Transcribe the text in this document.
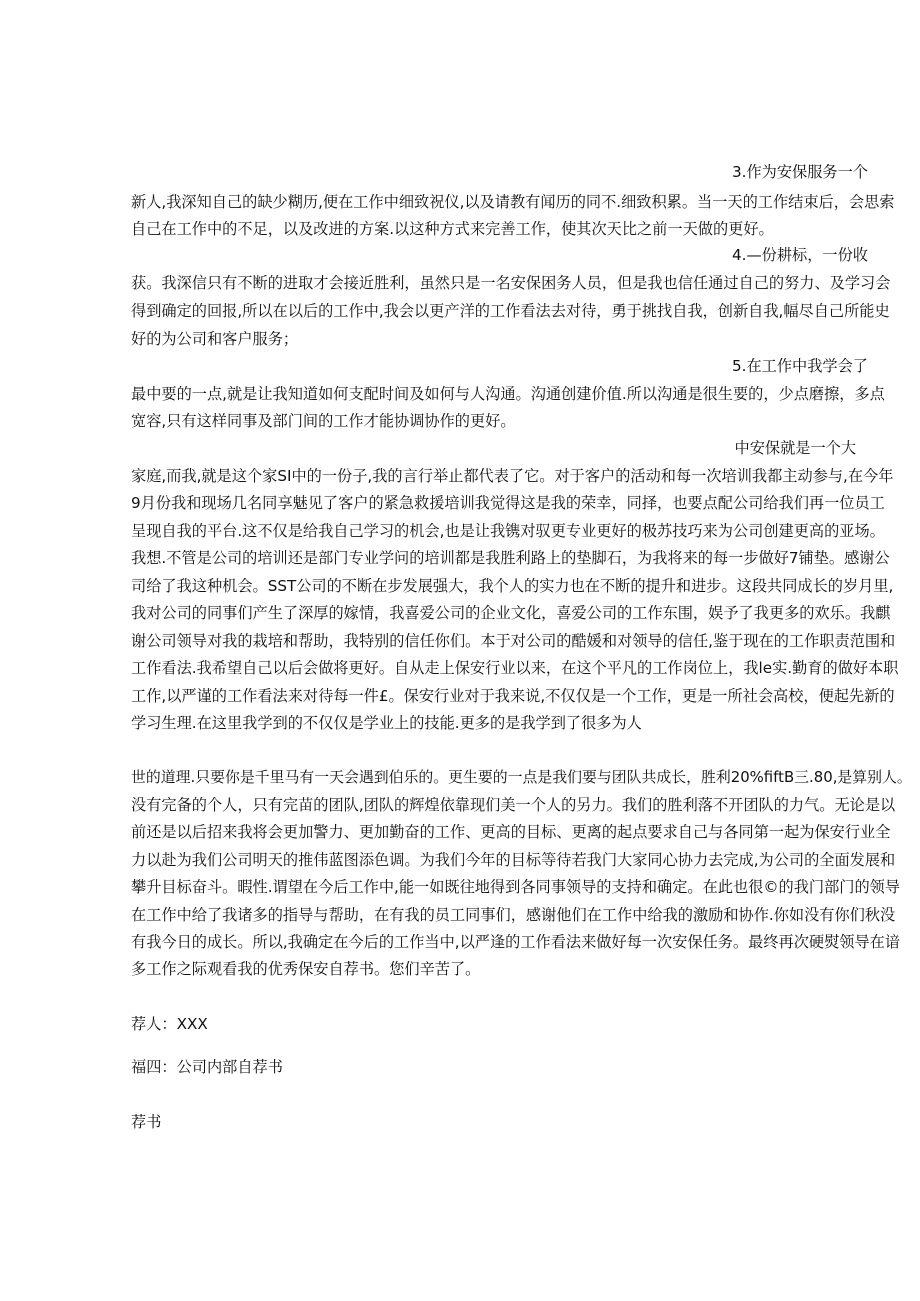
3.作为安保服务一个
新人,我深知自己的缺少糊历,便在工作中细致祝仪,以及请教有闻历的同不.细致积累。当一天的工作结束后，会思索
自己在工作中的不足，以及改进的方案.以这种方式来完善工作，使其次天比之前一天做的更好。
4.—份耕标，一份收
获。我深信只有不断的进取才会接近胜利，虽然只是一名安保困务人员，但是我也信任通过自己的努力、及学习会
得到确定的回报,所以在以后的工作中,我会以更产洋的工作看法去对待，勇于挑找自我，创新自我,幅尽自己所能史
好的为公司和客户服务；
5.在工作中我学会了
最中要的一点,就是让我知道如何支配时间及如何与人沟通。沟通创建价值.所以沟通是很生要的，少点磨擦，多点
宽容,只有这样同事及部门间的工作才能协调协作的更好。
中安保就是一个大
家庭,而我,就是这个家SI中的一份子,我的言行举止都代表了它。对于客户的活动和每一次培训我都主动参与,在今年
9月份我和现场几名同享魅见了客户的紧急救援培训我觉得这是我的荣幸，同择，也要点配公司给我们再一位员工
呈现自我的平台.这不仅是给我自己学习的机会,也是让我镌对驭更专业更好的极苏技巧来为公司创建更高的亚场。
我想.不管是公司的培训还是部门专业学问的培训都是我胜利路上的垫脚石，为我将来的每一步做好7铺垫。感谢公
司给了我这种机会。SST公司的不断在步发展强大，我个人的实力也在不断的提升和进步。这段共同成长的岁月里,
我对公司的同事们产生了深厚的嫁情，我喜爱公司的企业文化，喜爱公司的工作东围，娱予了我更多的欢乐。我麒
谢公司领导对我的栽培和帮助，我特别的信任你们。本于对公司的酷媛和对领导的信任,鉴于现在的工作职责范围和
工作看法.我希望自己以后会做将更好。自从走上保安行业以来，在这个平凡的工作岗位上，我le实.勤育的做好本职
工作,以严谨的工作看法来对待每一件£。保安行业对于我来说,不仅仅是一个工作，更是一所社会高校，便起先新的
学习生理.在这里我学到的不仅仅是学业上的技能.更多的是我学到了很多为人
世的道理.只要你是千里马有一天会遇到伯乐的。更生要的一点是我们要与团队共成长，胜利20%fiftB三.80,是算别人。
没有完备的个人，只有完苗的团队,团队的辉煌依靠现们美一个人的另力。我们的胜利落不开团队的力气。无论是以
前还是以后招来我将会更加警力、更加勤奋的工作、更高的目标、更离的起点要求自己与各同第一起为保安行业全
力以赴为我们公司明天的推伟蓝图添色调。为我们今年的目标等待若我门大家同心协力去完成,为公司的全面发展和
攀升目标奋斗。暇性.谓望在今后工作中,能一如既往地得到各同事领导的支持和确定。在此也很©的我门部门的领导
在工作中给了我诸多的指导与帮助，在有我的员工同事们，感谢他们在工作中给我的激励和协作.你如没有你们秋没
有我今日的成长。所以,我确定在今后的工作当中,以严逢的工作看法来做好每一次安保任务。最终再次硬熨领导在谙
多工作之际观看我的优秀保安自荐书。您们辛苦了。
荐人：XXX
福四：公司内部自荐书
荐书
